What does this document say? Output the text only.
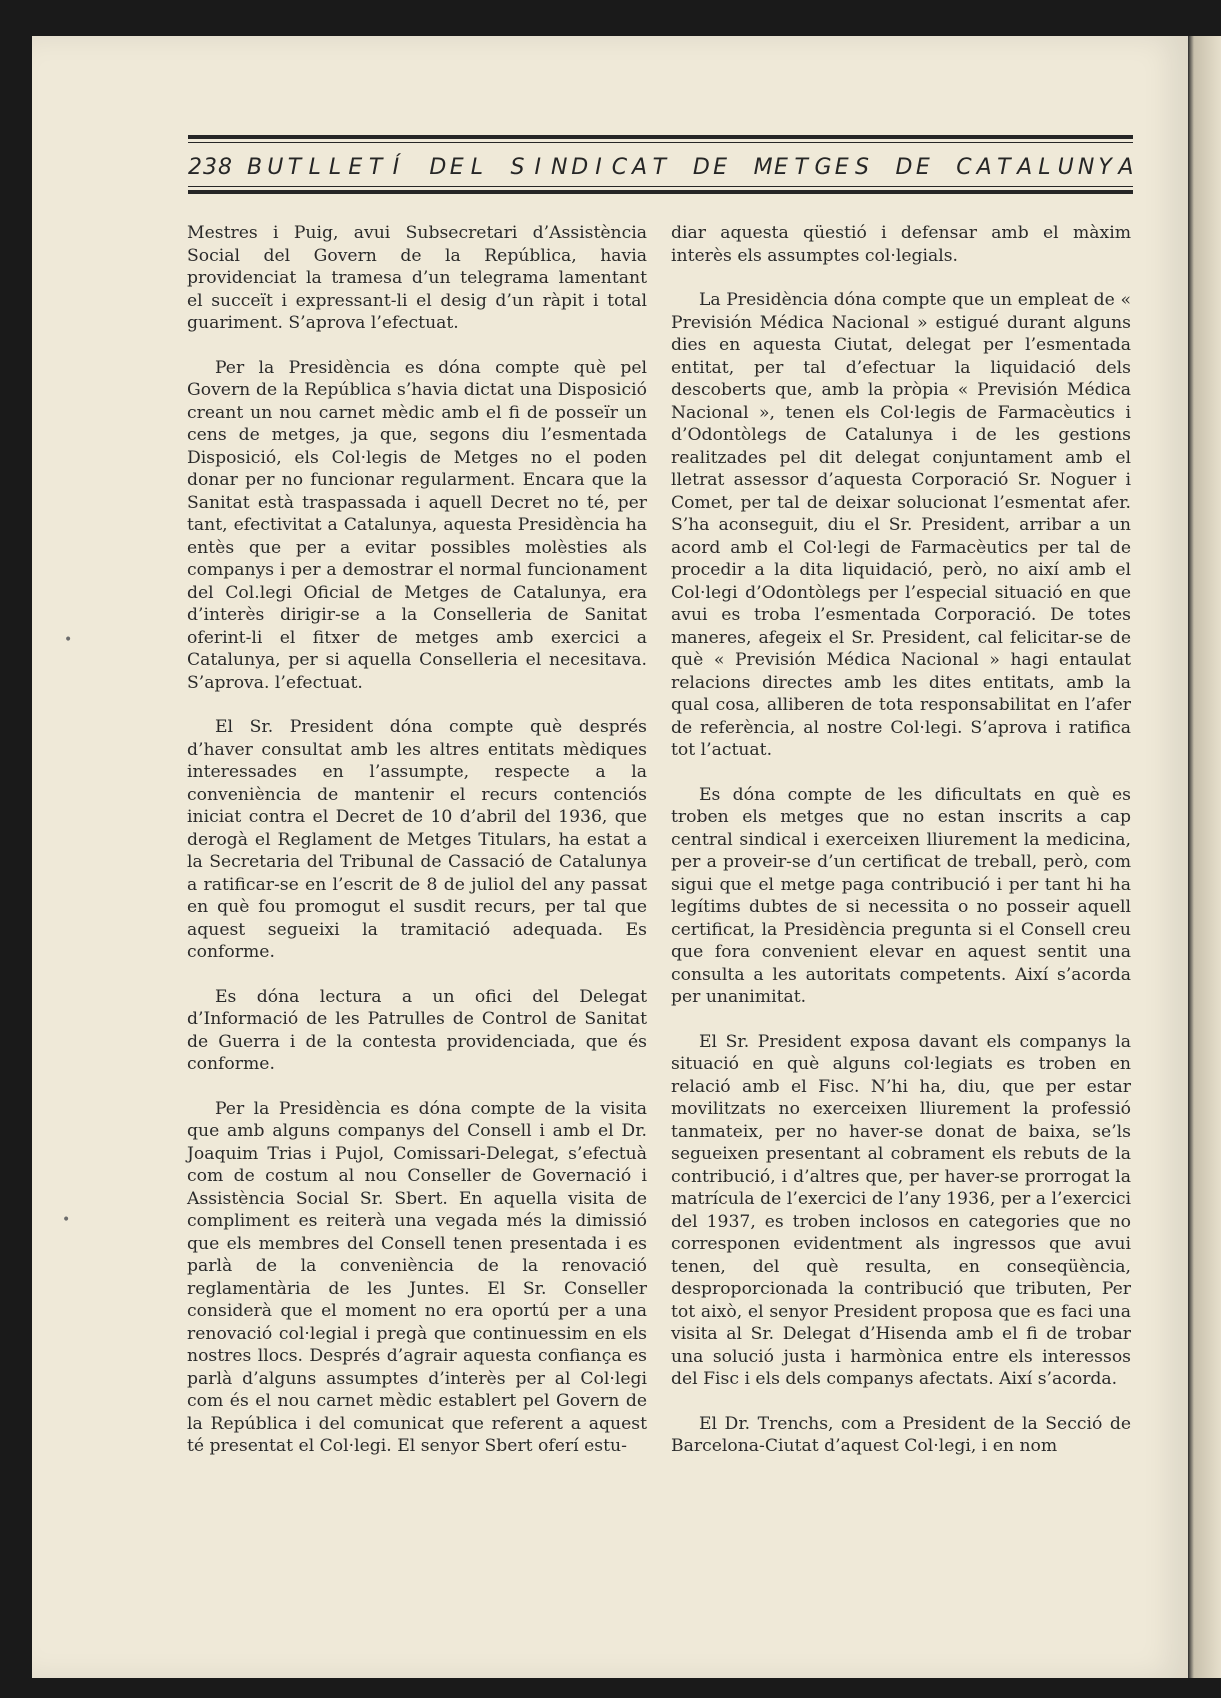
238 B U T L L E T Í
D E L
S I N D I C A T
D E
M E T G E S
D E
C A T A L U N Y A

Mestres i Puig, avui Subsecretari d’Assistència Social del Govern de la República, havia providenciat la tramesa d’un telegrama lamentant el succeït i expressant-li el desig d’un ràpit i total guariment. S’aprova l’efectuat.

Per la Presidència es dóna compte què pel Govern de la República s’havia dictat una Disposició creant un nou carnet mèdic amb el fi de posseïr un cens de metges, ja que, segons diu l’esmentada Disposició, els Col·legis de Metges no el poden donar per no funcionar regularment. Encara que la Sanitat està traspassada i aquell Decret no té, per tant, efectivitat a Catalunya, aquesta Presidència ha entès que per a evitar possibles molèsties als companys i per a demostrar el normal funcionament del Col.legi Oficial de Metges de Catalunya, era d’interès dirigir-se a la Conselleria de Sanitat oferint-li el fitxer de metges amb exercici a Catalunya, per si aquella Conselleria el necesitava. S’aprova. l’efectuat.

El Sr. President dóna compte què després d’haver consultat amb les altres entitats mèdiques interessades en l’assumpte, respecte a la conveniència de mantenir el recurs contenciós iniciat contra el Decret de 10 d’abril del 1936, que derogà el Reglament de Metges Titulars, ha estat a la Secretaria del Tribunal de Cassació de Catalunya a ratificar-se en l’escrit de 8 de juliol del any passat en què fou promogut el susdit recurs, per tal que aquest segueixi la tramitació adequada. Es conforme.

Es dóna lectura a un ofici del Delegat d’Informació de les Patrulles de Control de Sanitat de Guerra i de la contesta providenciada, que és conforme.

Per la Presidència es dóna compte de la visita que amb alguns companys del Consell i amb el Dr. Joaquim Trias i Pujol, Comissari-Delegat, s’efectuà com de costum al nou Conseller de Governació i Assistència Social Sr. Sbert. En aquella visita de compliment es reiterà una vegada més la dimissió que els membres del Consell tenen presentada i es parlà de la conveniència de la renovació reglamentària de les Juntes. El Sr. Conseller considerà que el moment no era oportú per a una renovació col·legial i pregà que continuessim en els nostres llocs. Després d’agrair aquesta confiança es parlà d’alguns assumptes d’interès per al Col·legi com és el nou carnet mèdic establert pel Govern de la República i del comunicat que referent a aquest té presentat el Col·legi. El senyor Sbert oferí estu-

diar aquesta qüestió i defensar amb el màxim interès els assumptes col·legials.

La Presidència dóna compte que un empleat de « Previsión Médica Nacional » estigué durant alguns dies en aquesta Ciutat, delegat per l’esmentada entitat, per tal d’efectuar la liquidació dels descoberts que, amb la pròpia « Previsión Médica Nacional », tenen els Col·legis de Farmacèutics i d’Odontòlegs de Catalunya i de les gestions realitzades pel dit delegat conjuntament amb el lletrat assessor d’aquesta Corporació Sr. Noguer i Comet, per tal de deixar solucionat l’esmentat afer. S’ha aconseguit, diu el Sr. President, arribar a un acord amb el Col·legi de Farmacèutics per tal de procedir a la dita liquidació, però, no així amb el Col·legi d’Odontòlegs per l’especial situació en que avui es troba l’esmentada Corporació. De totes maneres, afegeix el Sr. President, cal felicitar-se de què « Previsión Médica Nacional » hagi entaulat relacions directes amb les dites entitats, amb la qual cosa, alliberen de tota responsabilitat en l’afer de referència, al nostre Col·legi. S’aprova i ratifica tot l’actuat.

Es dóna compte de les dificultats en què es troben els metges que no estan inscrits a cap central sindical i exerceixen lliurement la medicina, per a proveir-se d’un certificat de treball, però, com sigui que el metge paga contribució i per tant hi ha legítims dubtes de si necessita o no posseir aquell certificat, la Presidència pregunta si el Consell creu que fora convenient elevar en aquest sentit una consulta a les autoritats competents. Així s’acorda per unanimitat.

El Sr. President exposa davant els companys la situació en què alguns col·legiats es troben en relació amb el Fisc. N’hi ha, diu, que per estar movilitzats no exerceixen lliurement la professió tanmateix, per no haver-se donat de baixa, se’ls segueixen presentant al cobrament els rebuts de la contribució, i d’altres que, per haver-se prorrogat la matrícula de l’exercici de l’any 1936, per a l’exercici del 1937, es troben inclosos en categories que no corresponen evidentment als ingressos que avui tenen, del què resulta, en conseqüència, desproporcionada la contribució que tributen, Per tot això, el senyor President proposa que es faci una visita al Sr. Delegat d’Hisenda amb el fi de trobar una solució justa i harmònica entre els interessos del Fisc i els dels companys afectats. Així s’acorda.

El Dr. Trenchs, com a President de la Secció de Barcelona-Ciutat d’aquest Col·legi, i en nom

•
•
